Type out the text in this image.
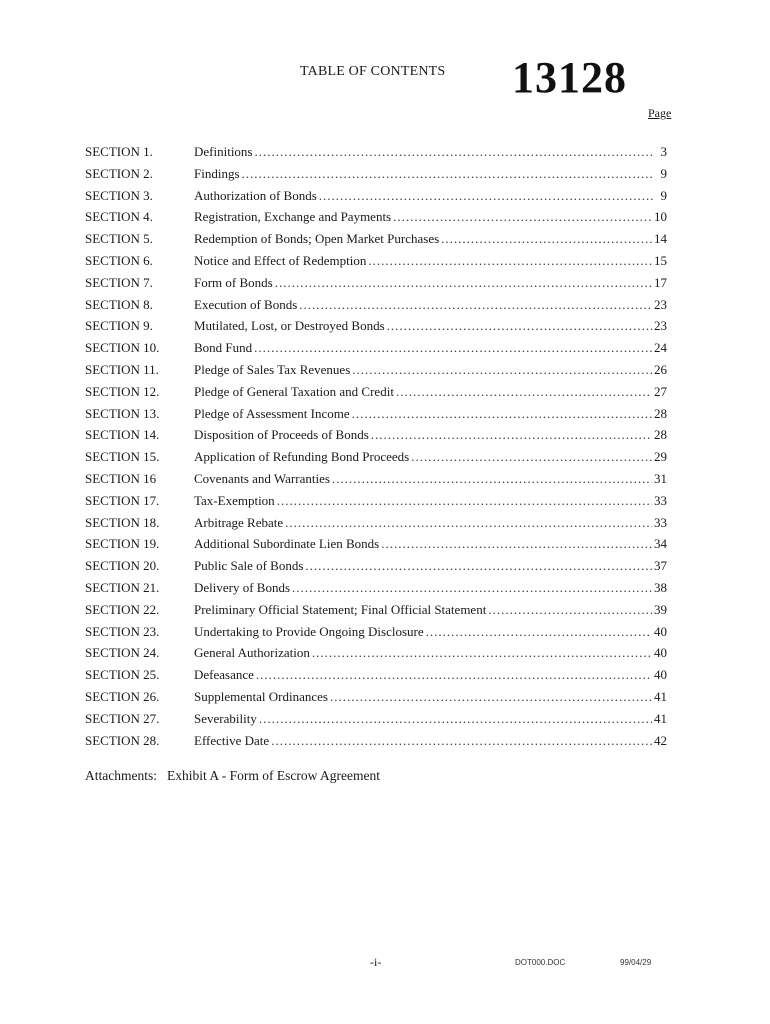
TABLE OF CONTENTS 13128
Page
SECTION 1.	Definitions .....	3
SECTION 2.	Findings .....	9
SECTION 3.	Authorization of Bonds .....	9
SECTION 4.	Registration, Exchange and Payments .....	10
SECTION 5.	Redemption of Bonds; Open Market Purchases .....	14
SECTION 6.	Notice and Effect of Redemption .....	15
SECTION 7.	Form of Bonds .....	17
SECTION 8.	Execution of Bonds .....	23
SECTION 9.	Mutilated, Lost, or Destroyed Bonds .....	23
SECTION 10.	Bond Fund .....	24
SECTION 11.	Pledge of Sales Tax Revenues .....	26
SECTION 12.	Pledge of General Taxation and Credit .....	27
SECTION 13.	Pledge of Assessment Income .....	28
SECTION 14.	Disposition of Proceeds of Bonds .....	28
SECTION 15.	Application of Refunding Bond Proceeds .....	29
SECTION 16	Covenants and Warranties .....	31
SECTION 17.	Tax-Exemption .....	33
SECTION 18.	Arbitrage Rebate .....	33
SECTION 19.	Additional Subordinate Lien Bonds .....	34
SECTION 20.	Public Sale of Bonds .....	37
SECTION 21.	Delivery of Bonds .....	38
SECTION 22.	Preliminary Official Statement; Final Official Statement .....	39
SECTION 23.	Undertaking to Provide Ongoing Disclosure .....	40
SECTION 24.	General Authorization .....	40
SECTION 25.	Defeasance .....	40
SECTION 26.	Supplemental Ordinances .....	41
SECTION 27.	Severability .....	41
SECTION 28.	Effective Date .....	42
Attachments: Exhibit A - Form of Escrow Agreement
-i-	DOT000.DOC	99/04/29
